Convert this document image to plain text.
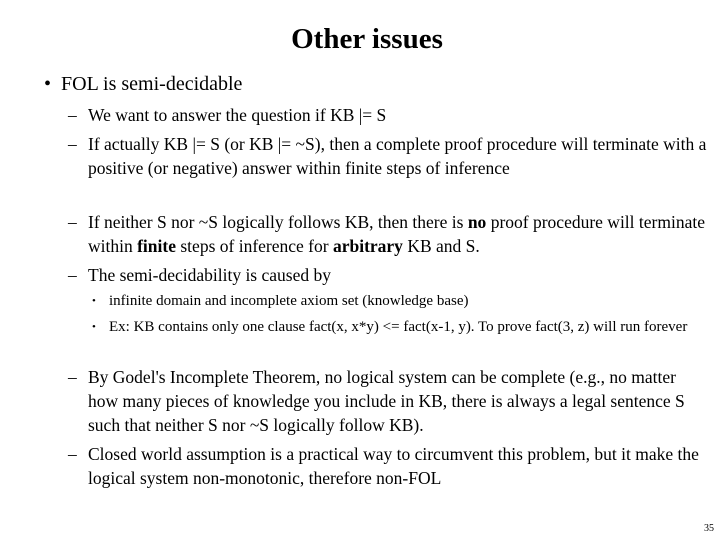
Other issues
• FOL is semi-decidable
– We want to answer the question if KB |= S
– If actually KB |= S (or KB |= ~S), then a complete proof procedure will terminate with a positive (or negative) answer within finite steps of inference
– If neither S nor ~S logically follows KB, then there is no proof procedure will terminate within finite steps of inference for arbitrary KB and S.
– The semi-decidability is caused by
• infinite domain and incomplete axiom set (knowledge base)
• Ex: KB contains only one clause fact(x, x*y) <= fact(x-1, y). To prove fact(3, z) will run forever
– By Godel's Incomplete Theorem, no logical system can be complete (e.g., no matter how many pieces of knowledge you include in KB, there is always a legal sentence S such that neither S nor ~S logically follow KB).
– Closed world assumption is a practical way to circumvent this problem, but it make the logical system non-monotonic, therefore non-FOL
35
